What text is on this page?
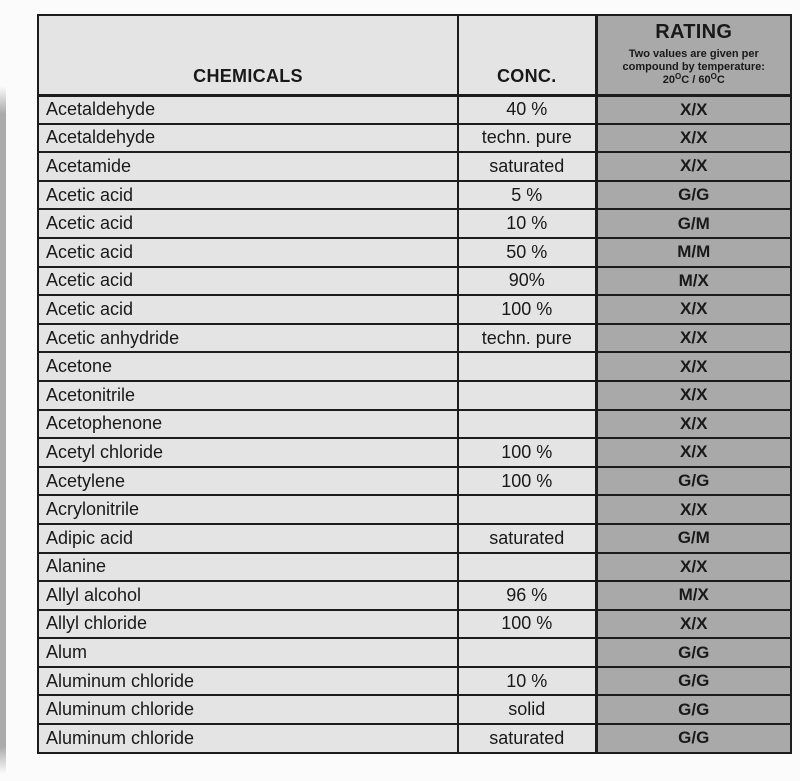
CHEMICALS	CONC.	RATING
Two values are given per
compound by temperature:
$20^OC / 60^OC$

Acetaldehyde	40 %	X/X
Acetaldehyde	techn. pure	X/X
Acetamide	saturated	X/X
Acetic acid	5 %	G/G
Acetic acid	10 %	G/M
Acetic acid	50 %	M/M
Acetic acid	90%	M/X
Acetic acid	100 %	X/X
Acetic anhydride	techn. pure	X/X
Acetone		X/X
Acetonitrile		X/X
Acetophenone		X/X
Acetyl chloride	100 %	X/X
Acetylene	100 %	G/G
Acrylonitrile		X/X
Adipic acid	saturated	G/M
Alanine		X/X
Allyl alcohol	96 %	M/X
Allyl chloride	100 %	X/X
Alum		G/G
Aluminum chloride	10 %	G/G
Aluminum chloride	solid	G/G
Aluminum chloride	saturated	G/G
